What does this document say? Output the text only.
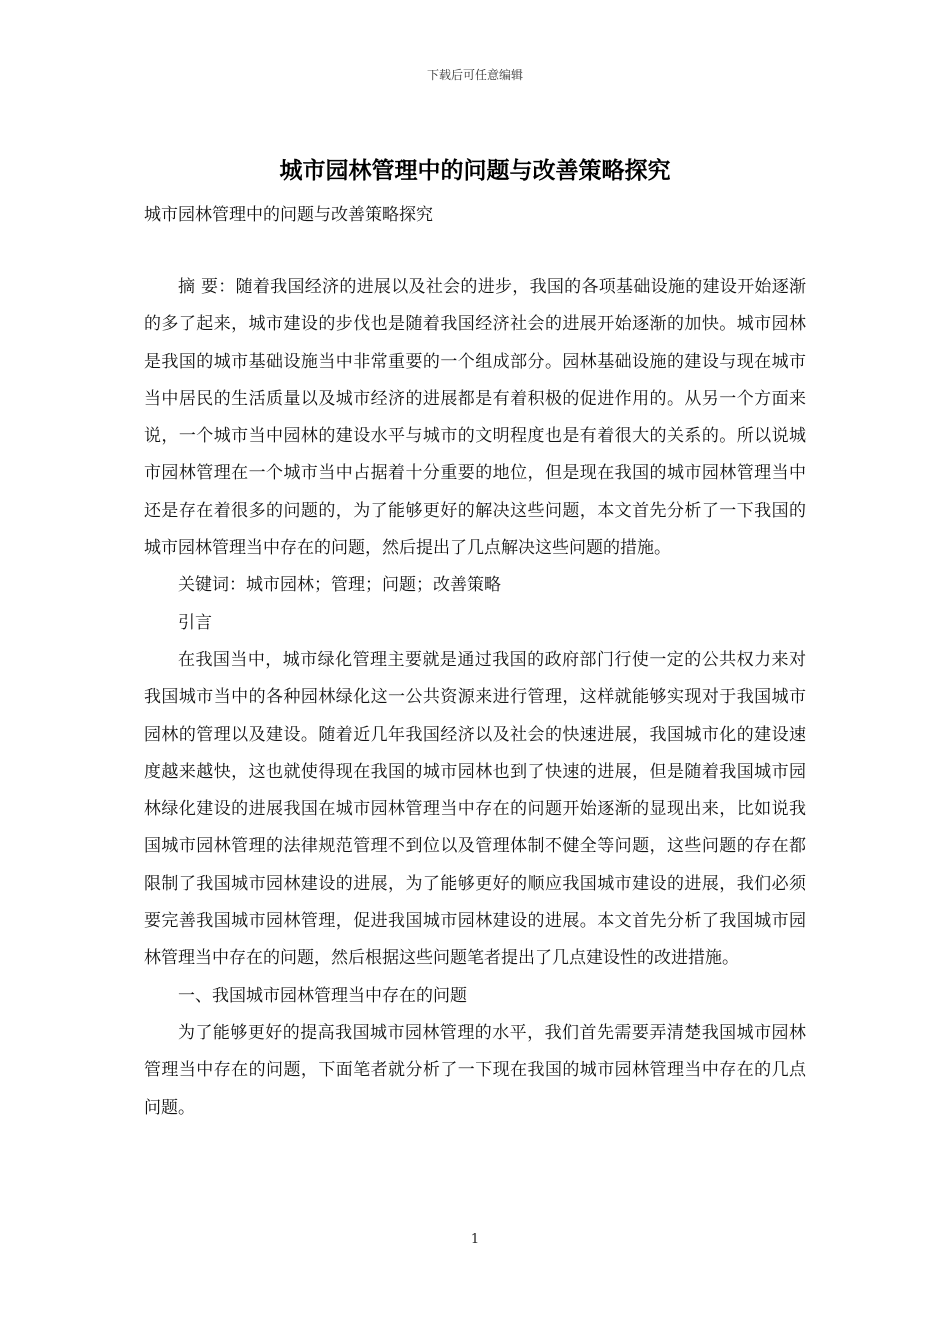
下载后可任意编辑
城市园林管理中的问题与改善策略探究
城市园林管理中的问题与改善策略探究

摘 要：随着我国经济的进展以及社会的进步，我国的各项基础设施的建设开始逐渐的多了起来，城市建设的步伐也是随着我国经济社会的进展开始逐渐的加快。城市园林是我国的城市基础设施当中非常重要的一个组成部分。园林基础设施的建设与现在城市当中居民的生活质量以及城市经济的进展都是有着积极的促进作用的。从另一个方面来说，一个城市当中园林的建设水平与城市的文明程度也是有着很大的关系的。所以说城市园林管理在一个城市当中占据着十分重要的地位，但是现在我国的城市园林管理当中还是存在着很多的问题的，为了能够更好的解决这些问题，本文首先分析了一下我国的城市园林管理当中存在的问题，然后提出了几点解决这些问题的措施。

关键词：城市园林；管理；问题；改善策略

引言

在我国当中，城市绿化管理主要就是通过我国的政府部门行使一定的公共权力来对我国城市当中的各种园林绿化这一公共资源来进行管理，这样就能够实现对于我国城市园林的管理以及建设。随着近几年我国经济以及社会的快速进展，我国城市化的建设速度越来越快，这也就使得现在我国的城市园林也到了快速的进展，但是随着我国城市园林绿化建设的进展我国在城市园林管理当中存在的问题开始逐渐的显现出来，比如说我国城市园林管理的法律规范管理不到位以及管理体制不健全等问题，这些问题的存在都限制了我国城市园林建设的进展，为了能够更好的顺应我国城市建设的进展，我们必须要完善我国城市园林管理，促进我国城市园林建设的进展。本文首先分析了我国城市园林管理当中存在的问题，然后根据这些问题笔者提出了几点建设性的改进措施。

一、我国城市园林管理当中存在的问题

为了能够更好的提高我国城市园林管理的水平，我们首先需要弄清楚我国城市园林管理当中存在的问题，下面笔者就分析了一下现在我国的城市园林管理当中存在的几点问题。

1
